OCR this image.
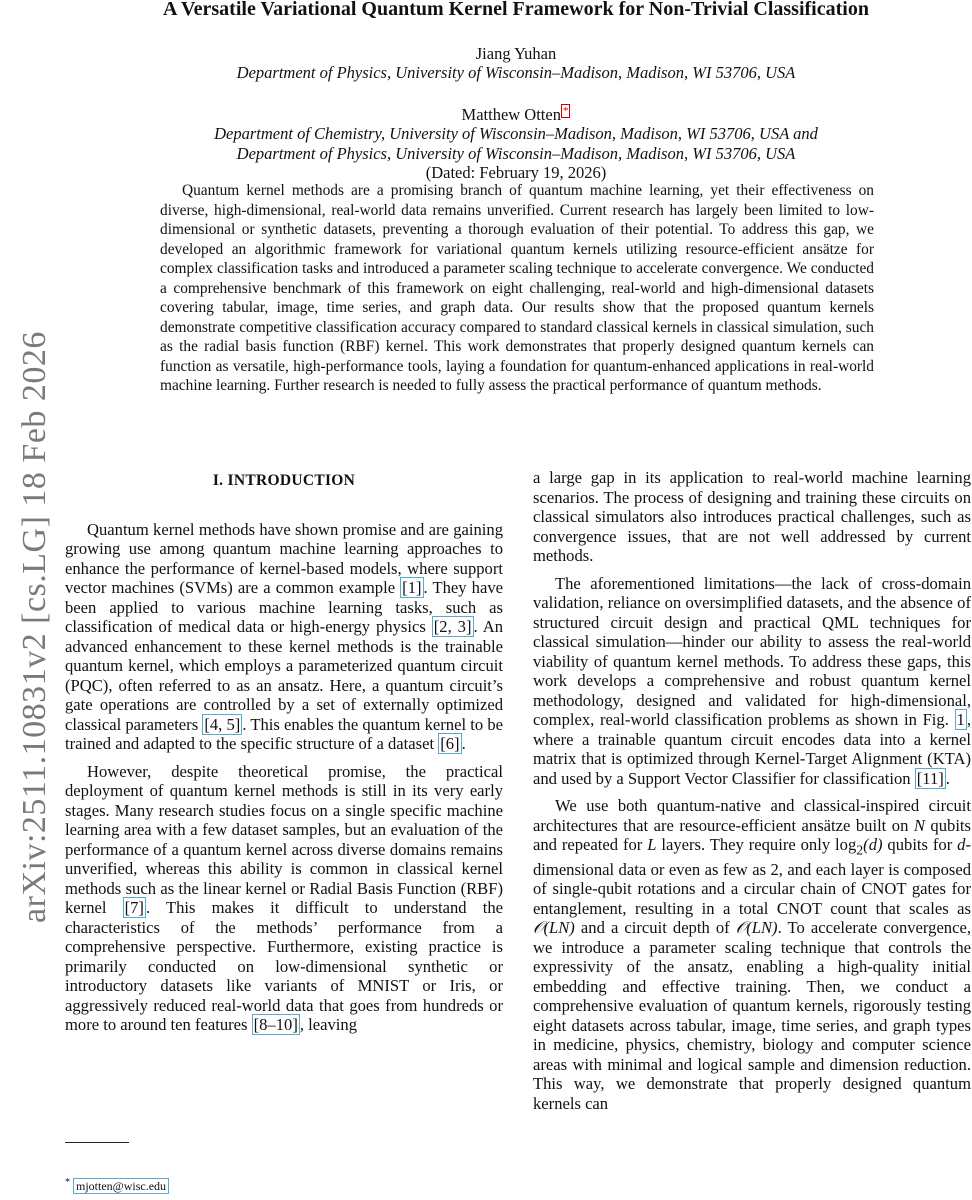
arXiv:2511.10831v2 [cs.LG] 18 Feb 2026
A Versatile Variational Quantum Kernel Framework for Non-Trivial Classification
Jiang Yuhan
Department of Physics, University of Wisconsin–Madison, Madison, WI 53706, USA
Matthew Otten *
Department of Chemistry, University of Wisconsin–Madison, Madison, WI 53706, USA and
Department of Physics, University of Wisconsin–Madison, Madison, WI 53706, USA
(Dated: February 19, 2026)
Quantum kernel methods are a promising branch of quantum machine learning, yet their effectiveness on diverse, high-dimensional, real-world data remains unverified. Current research has largely been limited to low-dimensional or synthetic datasets, preventing a thorough evaluation of their potential. To address this gap, we developed an algorithmic framework for variational quantum kernels utilizing resource-efficient ansätze for complex classification tasks and introduced a parameter scaling technique to accelerate convergence. We conducted a comprehensive benchmark of this framework on eight challenging, real-world and high-dimensional datasets covering tabular, image, time series, and graph data. Our results show that the proposed quantum kernels demonstrate competitive classification accuracy compared to standard classical kernels in classical simulation, such as the radial basis function (RBF) kernel. This work demonstrates that properly designed quantum kernels can function as versatile, high-performance tools, laying a foundation for quantum-enhanced applications in real-world machine learning. Further research is needed to fully assess the practical performance of quantum methods.

I. INTRODUCTION

Quantum kernel methods have shown promise and are gaining growing use among quantum machine learning approaches to enhance the performance of kernel-based models, where support vector machines (SVMs) are a common example [1] . They have been applied to various machine learning tasks, such as classification of medical data or high-energy physics [2, 3] . An advanced enhancement to these kernel methods is the trainable quantum kernel, which employs a parameterized quantum circuit (PQC), often referred to as an ansatz. Here, a quantum circuit’s gate operations are controlled by a set of externally optimized classical parameters [4, 5] . This enables the quantum kernel to be trained and adapted to the specific structure of a dataset [6] .

However, despite theoretical promise, the practical deployment of quantum kernel methods is still in its very early stages. Many research studies focus on a single specific machine learning area with a few dataset samples, but an evaluation of the performance of a quantum kernel across diverse domains remains unverified, whereas this ability is common in classical kernel methods such as the linear kernel or Radial Basis Function (RBF) kernel [7] . This makes it difficult to understand the characteristics of the methods’ performance from a comprehensive perspective. Furthermore, existing practice is primarily conducted on low-dimensional synthetic or introductory datasets like variants of MNIST or Iris, or aggressively reduced real-world data that goes from hundreds or more to around ten features [8–10] , leaving

a large gap in its application to real-world machine learning scenarios. The process of designing and training these circuits on classical simulators also introduces practical challenges, such as convergence issues, that are not well addressed by current methods.

The aforementioned limitations—the lack of cross-domain validation, reliance on oversimplified datasets, and the absence of structured circuit design and practical QML techniques for classical simulation—hinder our ability to assess the real-world viability of quantum kernel methods. To address these gaps, this work develops a comprehensive and robust quantum kernel methodology, designed and validated for high-dimensional, complex, real-world classification problems as shown in Fig. 1 , where a trainable quantum circuit encodes data into a kernel matrix that is optimized through Kernel-Target Alignment (KTA) and used by a Support Vector Classifier for classification [11] .

We use both quantum-native and classical-inspired circuit architectures that are resource-efficient ansätze built on N qubits and repeated for L layers. They require only $\log_2(d)$ qubits for d-dimensional data or even as few as 2, and each layer is composed of single-qubit rotations and a circular chain of CNOT gates for entanglement, resulting in a total CNOT count that scales as 𝒪(LN) and a circuit depth of 𝒪(LN). To accelerate convergence, we introduce a parameter scaling technique that controls the expressivity of the ansatz, enabling a high-quality initial embedding and effective training. Then, we conduct a comprehensive evaluation of quantum kernels, rigorously testing eight datasets across tabular, image, time series, and graph types in medicine, physics, chemistry, biology and computer science areas with minimal and logical sample and dimension reduction. This way, we demonstrate that properly designed quantum kernels can

* mjotten@wisc.edu
